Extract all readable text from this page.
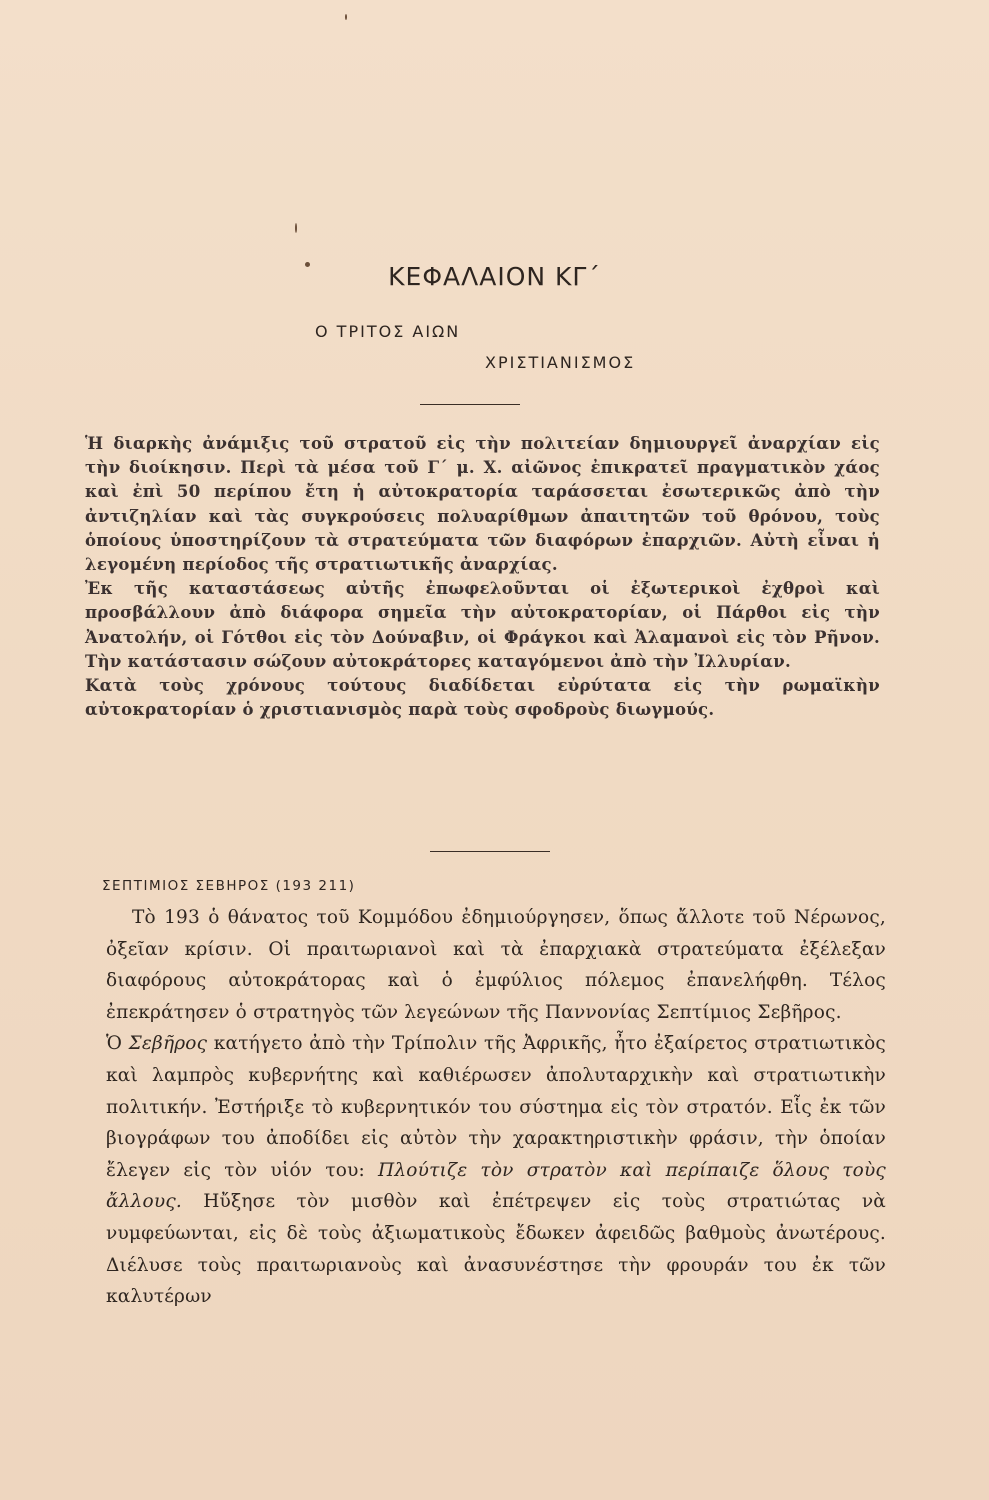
ΚΕΦΑΛΑΙΟΝ ΚΓ΄
Ο ΤΡΙΤΟΣ ΑΙΩΝ
ΧΡΙΣΤΙΑΝΙΣΜΟΣ

Ἡ διαρκὴς ἀνάμιξις τοῦ στρατοῦ εἰς τὴν πολιτείαν δημιουργεῖ ἀναρχίαν εἰς τὴν διοίκησιν. Περὶ τὰ μέσα τοῦ Γ΄ μ. Χ. αἰῶνος ἐπικρατεῖ πραγματικὸν χάος καὶ ἐπὶ 50 περίπου ἔτη ἡ αὐτοκρατορία ταράσσεται ἐσωτερικῶς ἀπὸ τὴν ἀντιζηλίαν καὶ τὰς συγκρούσεις πολυαρίθμων ἀπαιτητῶν τοῦ θρόνου, τοὺς ὁποίους ὑποστηρίζουν τὰ στρατεύματα τῶν διαφόρων ἐπαρχιῶν. Αὐτὴ εἶναι ἡ λεγομένη περίοδος τῆς στρατιωτικῆς ἀναρχίας.

Ἐκ τῆς καταστάσεως αὐτῆς ἐπωφελοῦνται οἱ ἐξωτερικοὶ ἐχθροὶ καὶ προσβάλλουν ἀπὸ διάφορα σημεῖα τὴν αὐτοκρατορίαν, οἱ Πάρθοι εἰς τὴν Ἀνατολήν, οἱ Γότθοι εἰς τὸν Δούναβιν, οἱ Φράγκοι καὶ Ἀλαμανοὶ εἰς τὸν Ρῆνον. Τὴν κατάστασιν σώζουν αὐτοκράτορες καταγόμενοι ἀπὸ τὴν Ἰλλυρίαν.

Κατὰ τοὺς χρόνους τούτους διαδίδεται εὐρύτατα εἰς τὴν ρωμαϊκὴν αὐτοκρατορίαν ὁ χριστιανισμὸς παρὰ τοὺς σφοδροὺς διωγμούς.

ΣΕΠΤΙΜΙΟΣ ΣΕΒΗΡΟΣ (193 211)

Τὸ 193 ὁ θάνατος τοῦ Κομμόδου ἐδημιούργησεν, ὅπως ἄλλοτε τοῦ Νέρωνος, ὀξεῖαν κρίσιν. Οἱ πραιτωριανοὶ καὶ τὰ ἐπαρχιακὰ στρατεύματα ἐξέλεξαν διαφόρους αὐτοκράτορας καὶ ὁ ἐμφύλιος πόλεμος ἐπανελήφθη. Τέλος ἐπεκράτησεν ὁ στρατηγὸς τῶν λεγεώνων τῆς Παννονίας Σεπτίμιος Σεβῆρος.

Ὁ Σεβῆρος κατήγετο ἀπὸ τὴν Τρίπολιν τῆς Ἀφρικῆς, ἦτο ἐξαίρετος στρατιωτικὸς καὶ λαμπρὸς κυβερνήτης καὶ καθιέρωσεν ἀπολυταρχικὴν καὶ στρατιωτικὴν πολιτικήν. Ἐστήριξε τὸ κυβερνητικόν του σύστημα εἰς τὸν στρατόν. Εἷς ἐκ τῶν βιογράφων του ἀποδίδει εἰς αὐτὸν τὴν χαρακτηριστικὴν φράσιν, τὴν ὁποίαν ἔλεγεν εἰς τὸν υἱόν του: Πλούτιζε τὸν στρατὸν καὶ περίπαιζε ὅλους τοὺς ἄλλους. Ηὔξησε τὸν μισθὸν καὶ ἐπέτρεψεν εἰς τοὺς στρατιώτας νὰ νυμφεύωνται, εἰς δὲ τοὺς ἀξιωματικοὺς ἔδωκεν ἀφειδῶς βαθμοὺς ἀνωτέρους. Διέλυσε τοὺς πραιτωριανοὺς καὶ ἀνασυνέστησε τὴν φρουράν του ἐκ τῶν καλυτέρων
